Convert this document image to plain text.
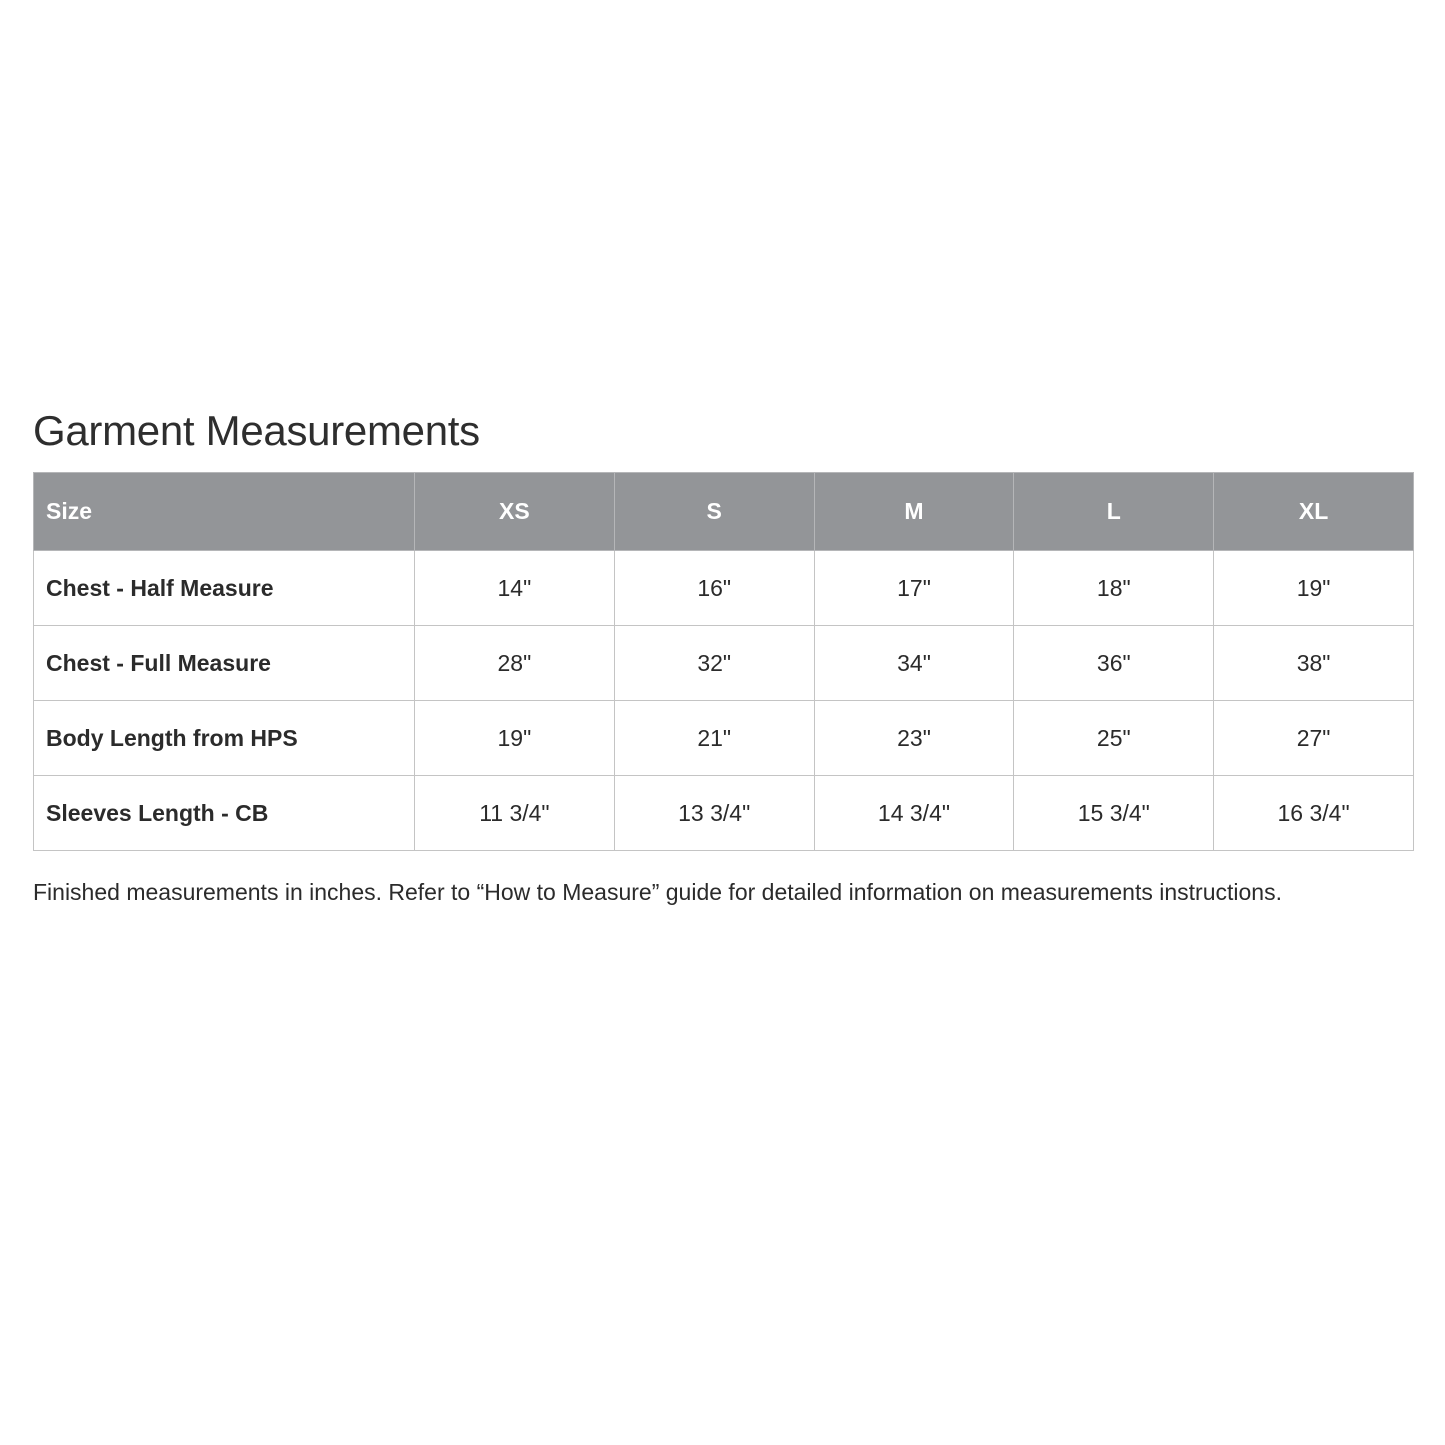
Garment Measurements
Size	XS	S	M	L	XL
Chest - Half Measure	14"	16"	17"	18"	19"
Chest - Full Measure	28"	32"	34"	36"	38"
Body Length from HPS	19"	21"	23"	25"	27"
Sleeves Length - CB	11 3/4"	13 3/4"	14 3/4"	15 3/4"	16 3/4"
Finished measurements in inches. Refer to “How to Measure” guide for detailed information on measurements instructions.
